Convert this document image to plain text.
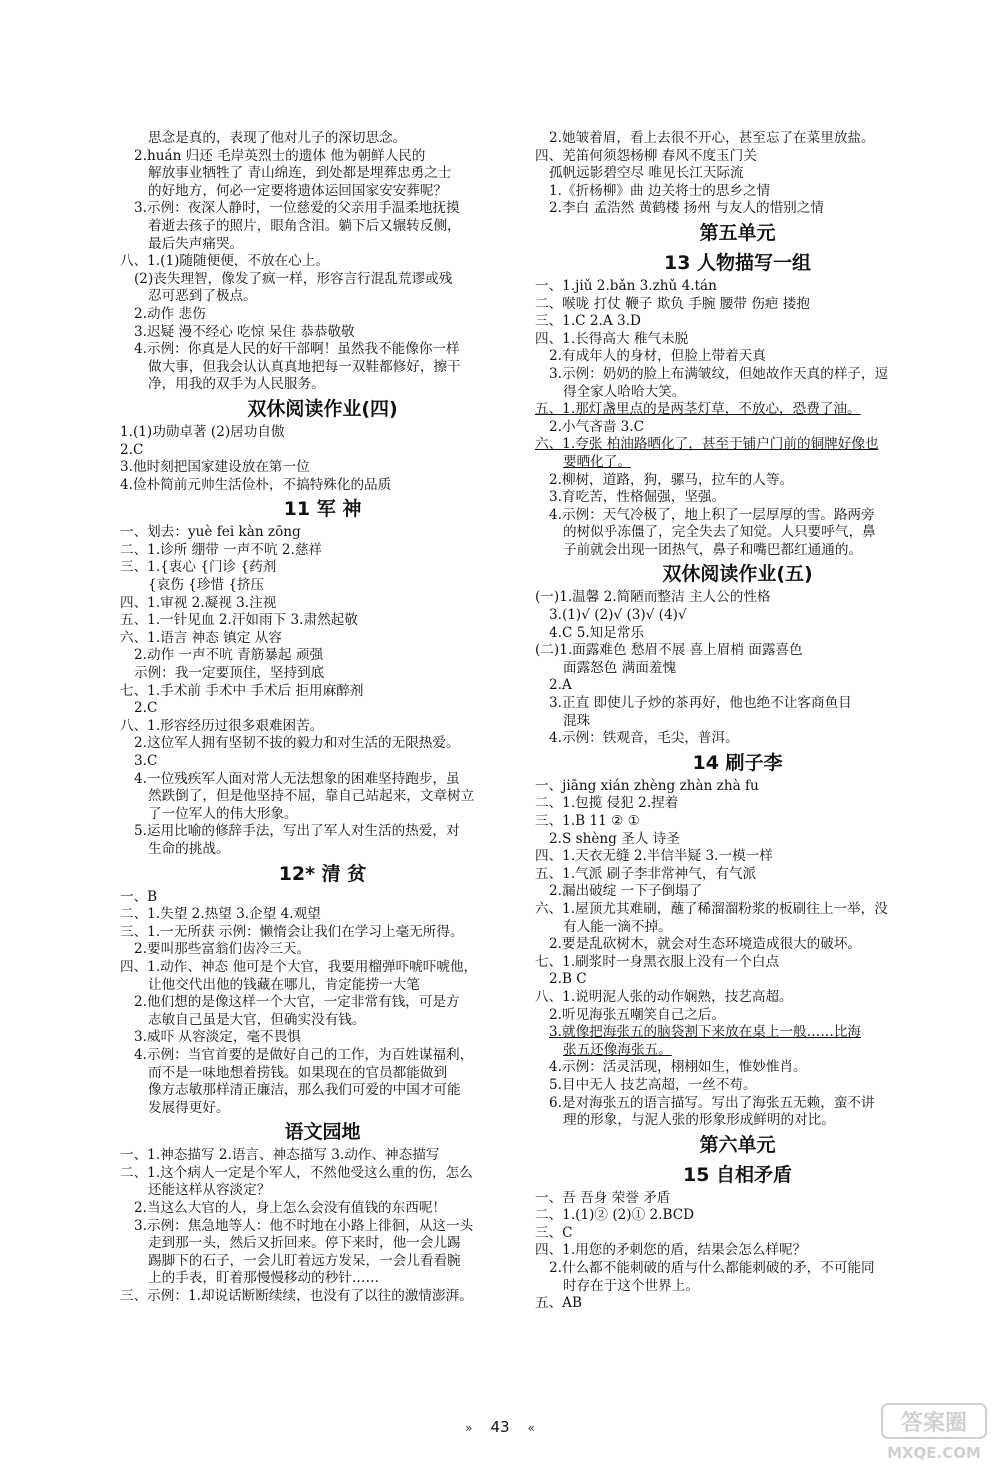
思念是真的，表现了他对儿子的深切思念。
2.huán 归还 毛岸英烈士的遗体 他为朝鲜人民的
解放事业牺牲了 青山绵连，到处都是埋葬忠勇之士
的好地方，何必一定要将遗体运回国家安安葬呢？
3.示例：夜深人静时，一位慈爱的父亲用手温柔地抚摸
着逝去孩子的照片，眼角含泪。躺下后又辗转反侧，
最后失声痛哭。
八、1.(1)随随便便，不放在心上。
(2)丧失理智，像发了疯一样，形容言行混乱荒谬或残
忍可恶到了极点。
2.动作 悲伤
3.迟疑 漫不经心 吃惊 呆住 恭恭敬敬
4.示例：你真是人民的好干部啊！虽然我不能像你一样
做大事，但我会认认真真地把每一双鞋都修好，擦干
净，用我的双手为人民服务。
双休阅读作业(四)
1.(1)功勋卓著 (2)居功自傲
2.C
3.他时刻把国家建设放在第一位
4.俭朴简前元帅生活俭朴，不搞特殊化的品质
11 军 神
一、划去：yuè fei kàn zōng
二、1.诊所 绷带 一声不吭 2.慈祥
三、1.{衷心 {门诊 {药剂
{哀伤 {珍惜 {挤压
四、1.审视 2.凝视 3.注视
五、1.一针见血 2.汗如雨下 3.肃然起敬
六、1.语言 神态 镇定 从容
2.动作 一声不吭 青筋暴起 顽强
示例：我一定要顶住，坚持到底
七、1.手术前 手术中 手术后 拒用麻醉剂
2.C
八、1.形容经历过很多艰难困苦。
2.这位军人拥有坚韧不拔的毅力和对生活的无限热爱。
3.C
4.一位残疾军人面对常人无法想象的困难坚持跑步，虽
然跌倒了，但是他坚持不屈，靠自己站起来，文章树立
了一位军人的伟大形象。
5.运用比喻的修辞手法，写出了军人对生活的热爱，对
生命的挑战。
12* 清 贫
一、B
二、1.失望 2.热望 3.企望 4.观望
三、1.一无所获 示例：懒惰会让我们在学习上毫无所得。
2.要叫那些富翁们齿冷三天。
四、1.动作、神态 他可是个大官，我要用榴弹吓唬吓唬他，
让他交代出他的钱藏在哪儿，肯定能捞一大笔
2.他们想的是像这样一个大官，一定非常有钱，可是方
志敏自己虽是大官，但确实没有钱。
3.威吓 从容淡定，毫不畏惧
4.示例：当官首要的是做好自己的工作，为百姓谋福利，
而不是一味地想着捞钱。如果现在的官员都能做到
像方志敏那样清正廉洁，那么我们可爱的中国才可能
发展得更好。
语文园地
一、1.神态描写 2.语言、神态描写 3.动作、神态描写
二、1.这个病人一定是个军人，不然他受这么重的伤，怎么
还能这样从容淡定？
2.当这么大官的人，身上怎么会没有值钱的东西呢！
3.示例：焦急地等人：他不时地在小路上徘徊，从这一头
走到那一头，然后又折回来。停下来时，他一会儿踢
踢脚下的石子，一会儿盯着远方发呆，一会儿看看腕
上的手表，盯着那慢慢移动的秒针……
三、示例：1.却说话断断续续，也没有了以往的激情澎湃。
2.她皱着眉，看上去很不开心，甚至忘了在菜里放盐。
四、羌笛何须怨杨柳 春风不度玉门关
孤帆远影碧空尽 唯见长江天际流
1.《折杨柳》曲 边关将士的思乡之情
2.李白 孟浩然 黄鹤楼 扬州 与友人的惜别之情
第五单元
13 人物描写一组
一、1.jiǔ 2.bǎn 3.zhǔ 4.tán
二、喉咙 打仗 鞭子 欺负 手腕 腰带 伤疤 搂抱
三、1.C 2.A 3.D
四、1.长得高大 稚气未脱
2.有成年人的身材，但脸上带着天真
3.示例：奶奶的脸上布满皱纹，但她故作天真的样子，逗
得全家人哈哈大笑。
五、1.那灯盏里点的是两茎灯草，不放心，恐费了油。
2.小气吝啬 3.C
六、1.夸张 柏油路晒化了，甚至于铺户门前的铜牌好像也
要晒化了。
2.柳树，道路，狗，骡马，拉车的人等。
3.育吃苦，性格倔强，坚强。
4.示例：天气冷极了，地上积了一层厚厚的雪。路两旁
的树似乎冻僵了，完全失去了知觉。人只要呼气，鼻
子前就会出现一团热气，鼻子和嘴巴都红通通的。
双休阅读作业(五)
(一)1.温馨 2.简陋而整洁 主人公的性格
3.(1)√ (2)√ (3)√ (4)√
4.C 5.知足常乐
(二)1.面露难色 愁眉不展 喜上眉梢 面露喜色
面露怒色 满面羞愧
2.A
3.正直 即使儿子炒的茶再好，他也绝不让客商鱼目
混珠
4.示例：铁观音，毛尖，普洱。
14 刷子李
一、jiāng xián zhèng zhàn zhà fu
二、1.包揽 侵犯 2.捏着
三、1.B 11 ② ①
2.S shèng 圣人 诗圣
四、1.天衣无缝 2.半信半疑 3.一模一样
五、1.气派 刷子李非常神气，有气派
2.漏出破绽 一下子倒塌了
六、1.屋顶尤其难刷，蘸了稀溜溜粉浆的板刷往上一举，没
有人能一滴不掉。
2.要是乱砍树木，就会对生态环境造成很大的破坏。
七、1.刷浆时一身黑衣服上没有一个白点
2.B C
八、1.说明泥人张的动作娴熟，技艺高超。
2.听见海张五嘲笑自己之后。
3.就像把海张五的脑袋割下来放在桌上一般……比海
张五还像海张五。
4.示例：活灵活现，栩栩如生，惟妙惟肖。
5.目中无人 技艺高超，一丝不苟。
6.是对海张五的语言描写。写出了海张五无赖，蛮不讲
理的形象，与泥人张的形象形成鲜明的对比。
第六单元
15 自相矛盾
一、吾 吾身 荣誉 矛盾
二、1.(1)② (2)① 2.BCD
三、C
四、1.用您的矛刺您的盾，结果会怎么样呢？
2.什么都不能刺破的盾与什么都能刺破的矛，不可能同
时存在于这个世界上。
五、AB
» 43 «	答案圈
MXQE.COM
